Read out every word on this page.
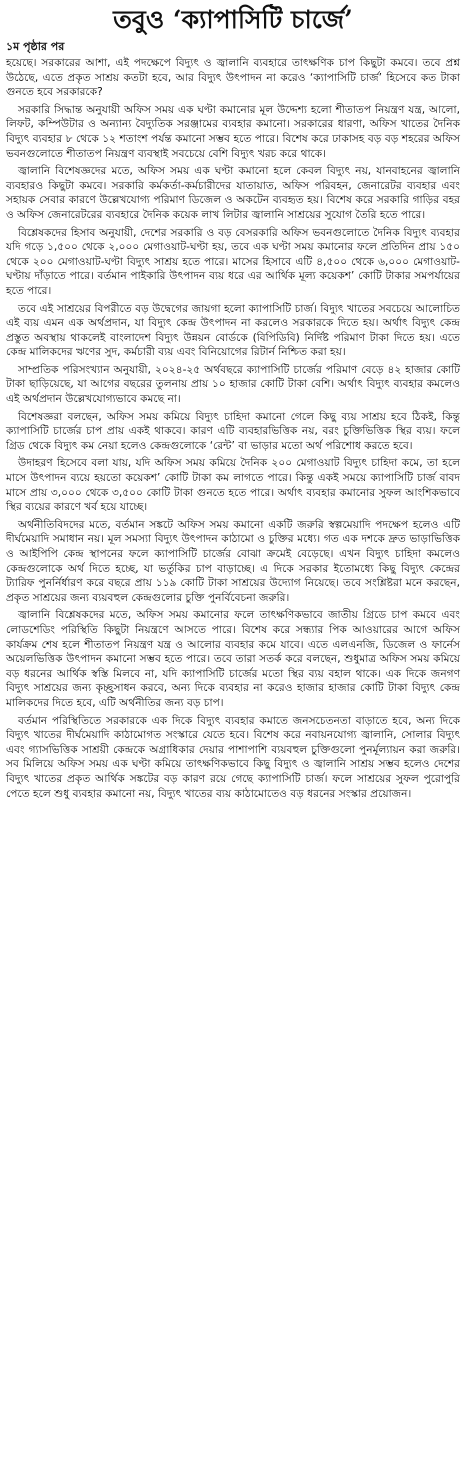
তবুও ‘ক্যাপাসিটি চার্জে’
১ম পৃষ্ঠার পর

হয়েছে। সরকারের আশা, এই পদক্ষেপে বিদ্যুৎ ও জ্বালানি ব্যবহারে তাৎক্ষণিক চাপ কিছুটা কমবে। তবে প্রশ্ন উঠেছে, এতে প্রকৃত সাশ্রয় কতটা হবে, আর বিদ্যুৎ উৎপাদন না করেও ‘ক্যাপাসিটি চার্জ’ হিসেবে কত টাকা গুনতে হবে সরকারকে?

সরকারি সিদ্ধান্ত অনুযায়ী অফিস সময় এক ঘণ্টা কমানোর মূল উদ্দেশ্য হলো শীতাতপ নিয়ন্ত্রণ যন্ত্র, আলো, লিফট, কম্পিউটার ও অন্যান্য বৈদ্যুতিক সরঞ্জামের ব্যবহার কমানো। সরকারের ধারণা, অফিস খাতের দৈনিক বিদ্যুৎ ব্যবহার ৮ থেকে ১২ শতাংশ পর্যন্ত কমানো সম্ভব হতে পারে। বিশেষ করে ঢাকাসহ বড় বড় শহরের অফিস ভবনগুলোতে শীতাতপ নিয়ন্ত্রণ ব্যবস্থাই সবচেয়ে বেশি বিদ্যুৎ খরচ করে থাকে।

জ্বালানি বিশেষজ্ঞদের মতে, অফিস সময় এক ঘণ্টা কমানো হলে কেবল বিদ্যুৎ নয়, যানবাহনের জ্বালানি ব্যবহারও কিছুটা কমবে। সরকারি কর্মকর্তা-কর্মচারীদের যাতায়াত, অফিস পরিবহন, জেনারেটর ব্যবহার এবং সহায়ক সেবার কারণে উল্লেখযোগ্য পরিমাণ ডিজেল ও অকটেন ব্যবহৃত হয়। বিশেষ করে সরকারি গাড়ির বহর ও অফিস জেনারেটরের ব্যবহারে দৈনিক কয়েক লাখ লিটার জ্বালানি সাশ্রয়ের সুযোগ তৈরি হতে পারে।

বিশ্লেষকদের হিসাব অনুযায়ী, দেশের সরকারি ও বড় বেসরকারি অফিস ভবনগুলোতে দৈনিক বিদ্যুৎ ব্যবহার যদি গড়ে ১,৫০০ থেকে ২,০০০ মেগাওয়াট-ঘণ্টা হয়, তবে এক ঘণ্টা সময় কমানোর ফলে প্রতিদিন প্রায় ১৫০ থেকে ২০০ মেগাওয়াট-ঘণ্টা বিদ্যুৎ সাশ্রয় হতে পারে। মাসের হিসাবে এটি ৪,৫০০ থেকে ৬,০০০ মেগাওয়াট-ঘণ্টায় দাঁড়াতে পারে। বর্তমান পাইকারি উৎপাদন ব্যয় ধরে এর আর্থিক মূল্য কয়েকশ’ কোটি টাকার সমপর্যায়ের হতে পারে।

তবে এই সাশ্রয়ের বিপরীতে বড় উদ্বেগের জায়গা হলো ক্যাপাসিটি চার্জ। বিদ্যুৎ খাতের সবচেয়ে আলোচিত এই ব্যয় এমন এক অর্থপ্রদান, যা বিদ্যুৎ কেন্দ্র উৎপাদন না করলেও সরকারকে দিতে হয়। অর্থাৎ বিদ্যুৎ কেন্দ্র প্রস্তুত অবস্থায় থাকলেই বাংলাদেশ বিদ্যুৎ উন্নয়ন বোর্ডকে (বিপিডিবি) নির্দিষ্ট পরিমাণ টাকা দিতে হয়। এতে কেন্দ্র মালিকদের ঋণের সুদ, কর্মচারী ব্যয় এবং বিনিয়োগের রিটার্ন নিশ্চিত করা হয়।

সাম্প্রতিক পরিসংখ্যান অনুযায়ী, ২০২৪-২৫ অর্থবছরে ক্যাপাসিটি চার্জের পরিমাণ বেড়ে ৪২ হাজার কোটি টাকা ছাড়িয়েছে, যা আগের বছরের তুলনায় প্রায় ১০ হাজার কোটি টাকা বেশি। অর্থাৎ বিদ্যুৎ ব্যবহার কমলেও এই অর্থপ্রদান উল্লেখযোগ্যভাবে কমছে না।

বিশেষজ্ঞরা বলছেন, অফিস সময় কমিয়ে বিদ্যুৎ চাহিদা কমানো গেলে কিছু ব্যয় সাশ্রয় হবে ঠিকই, কিন্তু ক্যাপাসিটি চার্জের চাপ প্রায় একই থাকবে। কারণ এটি ব্যবহারভিত্তিক নয়, বরং চুক্তিভিত্তিক স্থির ব্যয়। ফলে গ্রিড থেকে বিদ্যুৎ কম নেয়া হলেও কেন্দ্রগুলোকে ‘রেন্ট’ বা ভাড়ার মতো অর্থ পরিশোধ করতে হবে।

উদাহরণ হিসেবে বলা যায়, যদি অফিস সময় কমিয়ে দৈনিক ২০০ মেগাওয়াট বিদ্যুৎ চাহিদা কমে, তা হলে মাসে উৎপাদন ব্যয়ে হয়তো কয়েকশ’ কোটি টাকা কম লাগতে পারে। কিন্তু একই সময়ে ক্যাপাসিটি চার্জ বাবদ মাসে প্রায় ৩,০০০ থেকে ৩,৫০০ কোটি টাকা গুনতে হতে পারে। অর্থাৎ ব্যবহার কমানোর সুফল আংশিকভাবে স্থির ব্যয়ের কারণে খর্ব হয়ে যাচ্ছে।

অর্থনীতিবিদদের মতে, বর্তমান সঙ্কটে অফিস সময় কমানো একটি জরুরি স্বল্পমেয়াদি পদক্ষেপ হলেও এটি দীর্ঘমেয়াদি সমাধান নয়। মূল সমস্যা বিদ্যুৎ উৎপাদন কাঠামো ও চুক্তির মধ্যে। গত এক দশকে দ্রুত ভাড়াভিত্তিক ও আইপিপি কেন্দ্র স্থাপনের ফলে ক্যাপাসিটি চার্জের বোঝা ক্রমেই বেড়েছে। এখন বিদ্যুৎ চাহিদা কমলেও কেন্দ্রগুলোকে অর্থ দিতে হচ্ছে, যা ভর্তুকির চাপ বাড়াচ্ছে। এ দিকে সরকার ইতোমধ্যে কিছু বিদ্যুৎ কেন্দ্রের ট্যারিফ পুনর্নির্ধারণ করে বছরে প্রায় ১১৯ কোটি টাকা সাশ্রয়ের উদ্যোগ নিয়েছে। তবে সংশ্লিষ্টরা মনে করছেন, প্রকৃত সাশ্রয়ের জন্য ব্যয়বহুল কেন্দ্রগুলোর চুক্তি পুনর্বিবেচনা জরুরি।

জ্বালানি বিশ্লেষকদের মতে, অফিস সময় কমানোর ফলে তাৎক্ষণিকভাবে জাতীয় গ্রিডে চাপ কমবে এবং লোডশেডিং পরিস্থিতি কিছুটা নিয়ন্ত্রণে আসতে পারে। বিশেষ করে সন্ধ্যার পিক আওয়ারের আগে অফিস কার্যক্রম শেষ হলে শীতাতপ নিয়ন্ত্রণ যন্ত্র ও আলোর ব্যবহার কমে যাবে। এতে এলএনজি, ডিজেল ও ফার্নেস অয়েলভিত্তিক উৎপাদন কমানো সম্ভব হতে পারে। তবে তারা সতর্ক করে বলছেন, শুধুমাত্র অফিস সময় কমিয়ে বড় ধরনের আর্থিক স্বস্তি মিলবে না, যদি ক্যাপাসিটি চার্জের মতো স্থির ব্যয় বহাল থাকে। এক দিকে জনগণ বিদ্যুৎ সাশ্রয়ের জন্য কৃচ্ছ্রসাধন করবে, অন্য দিকে ব্যবহার না করেও হাজার হাজার কোটি টাকা বিদ্যুৎ কেন্দ্র মালিকদের দিতে হবে, এটি অর্থনীতির জন্য বড় চাপ।

বর্তমান পরিস্থিতিতে সরকারকে এক দিকে বিদ্যুৎ ব্যবহার কমাতে জনসচেতনতা বাড়াতে হবে, অন্য দিকে বিদ্যুৎ খাতের দীর্ঘমেয়াদি কাঠামোগত সংস্কারে যেতে হবে। বিশেষ করে নবায়নযোগ্য জ্বালানি, সোলার বিদ্যুৎ এবং গ্যাসভিত্তিক সাশ্রয়ী কেন্দ্রকে অগ্রাধিকার দেয়ার পাশাপাশি ব্যয়বহুল চুক্তিগুলো পুনর্মূল্যায়ন করা জরুরি। সব মিলিয়ে অফিস সময় এক ঘণ্টা কমিয়ে তাৎক্ষণিকভাবে কিছু বিদ্যুৎ ও জ্বালানি সাশ্রয় সম্ভব হলেও দেশের বিদ্যুৎ খাতের প্রকৃত আর্থিক সঙ্কটের বড় কারণ রয়ে গেছে ক্যাপাসিটি চার্জ। ফলে সাশ্রয়ের সুফল পুরোপুরি পেতে হলে শুধু ব্যবহার কমানো নয়, বিদ্যুৎ খাতের ব্যয় কাঠামোতেও বড় ধরনের সংস্কার প্রয়োজন।
